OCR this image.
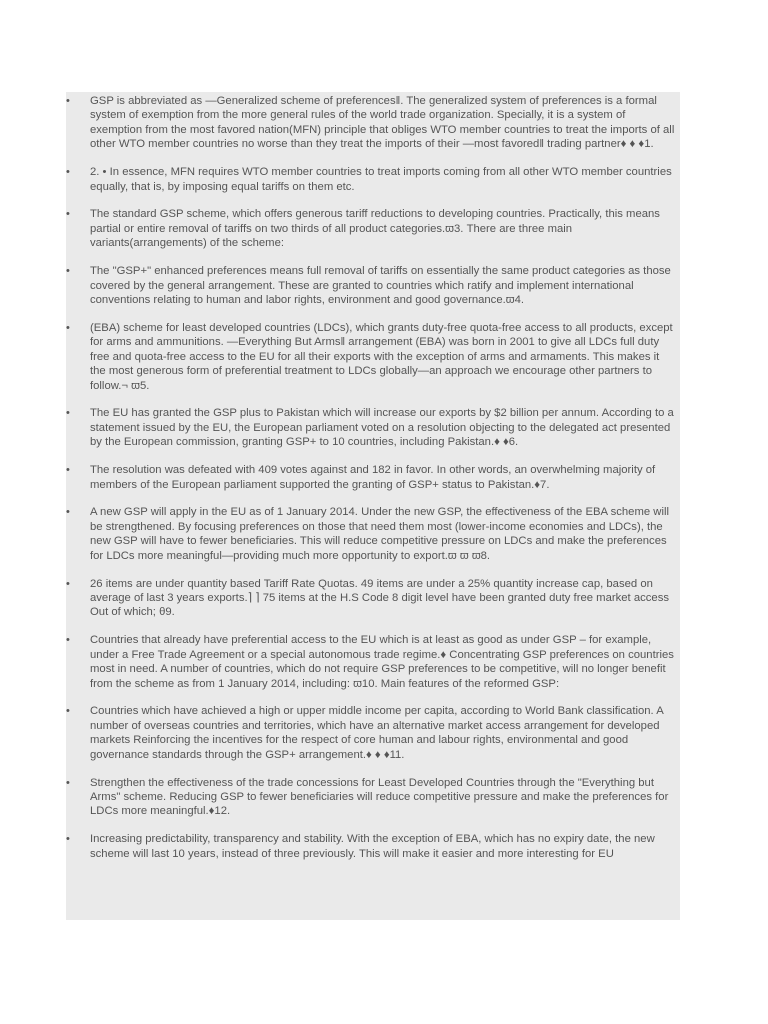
• GSP is abbreviated as ―Generalized scheme of preferences‖. The generalized system of preferences is a formal system of exemption from the more general rules of the world trade organization. Specially, it is a system of exemption from the most favored nation(MFN) principle that obliges WTO member countries to treat the imports of all other WTO member countries no worse than they treat the imports of their ―most favored‖ trading partner♦ ♦ ♦1.
• 2. • In essence, MFN requires WTO member countries to treat imports coming from all other WTO member countries equally, that is, by imposing equal tariffs on them etc.
• The standard GSP scheme, which offers generous tariff reductions to developing countries. Practically, this means partial or entire removal of tariffs on two thirds of all product categories.ϖ3. There are three main variants(arrangements) of the scheme:
• The "GSP+" enhanced preferences means full removal of tariffs on essentially the same product categories as those covered by the general arrangement. These are granted to countries which ratify and implement international conventions relating to human and labor rights, environment and good governance.ϖ4.
• (EBA) scheme for least developed countries (LDCs), which grants duty-free quota-free access to all products, except for arms and ammunitions. ―Everything But Arms‖ arrangement (EBA) was born in 2001 to give all LDCs full duty free and quota-free access to the EU for all their exports with the exception of arms and armaments. This makes it the most generous form of preferential treatment to LDCs globally—an approach we encourage other partners to follow.¬ ϖ5.
• The EU has granted the GSP plus to Pakistan which will increase our exports by $2 billion per annum. According to a statement issued by the EU, the European parliament voted on a resolution objecting to the delegated act presented by the European commission, granting GSP+ to 10 countries, including Pakistan.♦ ♦6.
• The resolution was defeated with 409 votes against and 182 in favor. In other words, an overwhelming majority of members of the European parliament supported the granting of GSP+ status to Pakistan.♦7.
• A new GSP will apply in the EU as of 1 January 2014. Under the new GSP, the effectiveness of the EBA scheme will be strengthened. By focusing preferences on those that need them most (lower-income economies and LDCs), the new GSP will have to fewer beneficiaries. This will reduce competitive pressure on LDCs and make the preferences for LDCs more meaningful—providing much more opportunity to export.ϖ ϖ ϖ8.
• 26 items are under quantity based Tariff Rate Quotas. 49 items are under a 25% quantity increase cap, based on average of last 3 years exports.⌉ ⌉ 75 items at the H.S Code 8 digit level have been granted duty free market access Out of which; θ9.
• Countries that already have preferential access to the EU which is at least as good as under GSP – for example, under a Free Trade Agreement or a special autonomous trade regime.♦ Concentrating GSP preferences on countries most in need. A number of countries, which do not require GSP preferences to be competitive, will no longer benefit from the scheme as from 1 January 2014, including: ϖ10. Main features of the reformed GSP:
• Countries which have achieved a high or upper middle income per capita, according to World Bank classification. A number of overseas countries and territories, which have an alternative market access arrangement for developed markets Reinforcing the incentives for the respect of core human and labour rights, environmental and good governance standards through the GSP+ arrangement.♦ ♦ ♦11.
• Strengthen the effectiveness of the trade concessions for Least Developed Countries through the "Everything but Arms" scheme. Reducing GSP to fewer beneficiaries will reduce competitive pressure and make the preferences for LDCs more meaningful.♦12.
• Increasing predictability, transparency and stability. With the exception of EBA, which has no expiry date, the new scheme will last 10 years, instead of three previously. This will make it easier and more interesting for EU
